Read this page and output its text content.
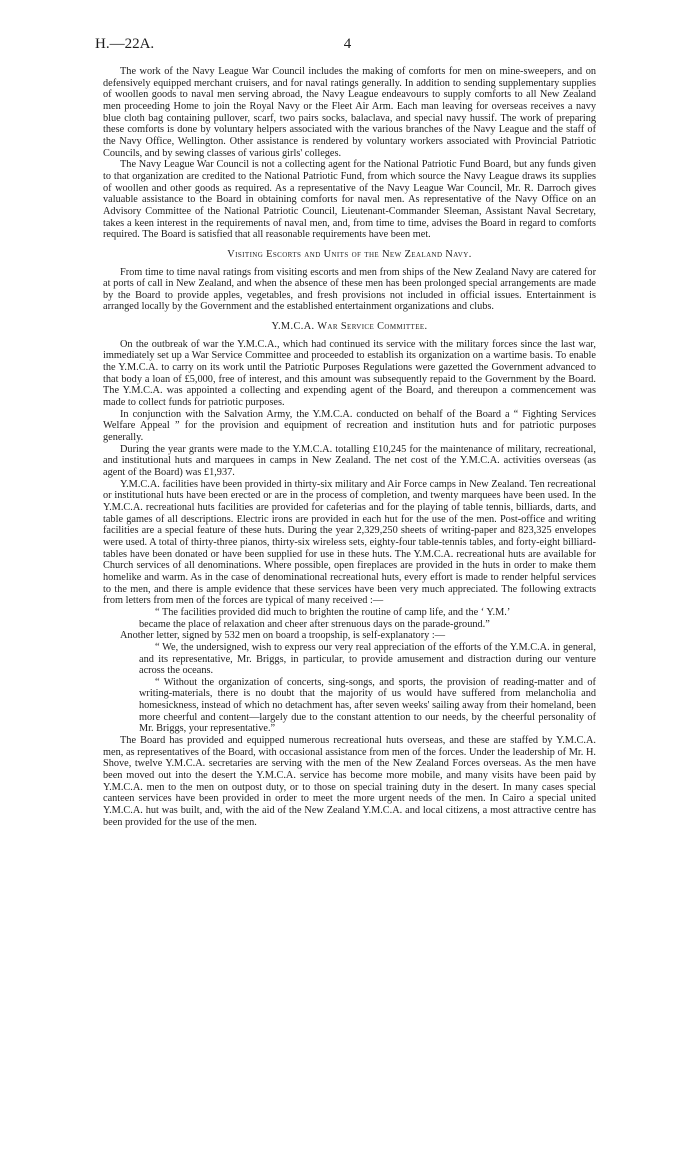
H.—22A.	4

The work of the Navy League War Council includes the making of comforts for men on mine-sweepers, and on defensively equipped merchant cruisers, and for naval ratings generally. In addition to sending supplementary supplies of woollen goods to naval men serving abroad, the Navy League endeavours to supply comforts to all New Zealand men proceeding Home to join the Royal Navy or the Fleet Air Arm. Each man leaving for overseas receives a navy blue cloth bag containing pullover, scarf, two pairs socks, balaclava, and special navy hussif. The work of preparing these comforts is done by voluntary helpers associated with the various branches of the Navy League and the staff of the Navy Office, Wellington. Other assistance is rendered by voluntary workers associated with Provincial Patriotic Councils, and by sewing classes of various girls' colleges.

The Navy League War Council is not a collecting agent for the National Patriotic Fund Board, but any funds given to that organization are credited to the National Patriotic Fund, from which source the Navy League draws its supplies of woollen and other goods as required. As a representative of the Navy League War Council, Mr. R. Darroch gives valuable assistance to the Board in obtaining comforts for naval men. As representative of the Navy Office on an Advisory Committee of the National Patriotic Council, Lieutenant-Commander Sleeman, Assistant Naval Secretary, takes a keen interest in the requirements of naval men, and, from time to time, advises the Board in regard to comforts required. The Board is satisfied that all reasonable requirements have been met.

Visiting Escorts and Units of the New Zealand Navy.

From time to time naval ratings from visiting escorts and men from ships of the New Zealand Navy are catered for at ports of call in New Zealand, and when the absence of these men has been prolonged special arrangements are made by the Board to provide apples, vegetables, and fresh provisions not included in official issues. Entertainment is arranged locally by the Government and the established entertainment organizations and clubs.

Y.M.C.A. War Service Committee.

On the outbreak of war the Y.M.C.A., which had continued its service with the military forces since the last war, immediately set up a War Service Committee and proceeded to establish its organization on a wartime basis. To enable the Y.M.C.A. to carry on its work until the Patriotic Purposes Regulations were gazetted the Government advanced to that body a loan of £5,000, free of interest, and this amount was subsequently repaid to the Government by the Board. The Y.M.C.A. was appointed a collecting and expending agent of the Board, and thereupon a commencement was made to collect funds for patriotic purposes.

In conjunction with the Salvation Army, the Y.M.C.A. conducted on behalf of the Board a “ Fighting Services Welfare Appeal ” for the provision and equipment of recreation and institution huts and for patriotic purposes generally.

During the year grants were made to the Y.M.C.A. totalling £10,245 for the maintenance of military, recreational, and institutional huts and marquees in camps in New Zealand. The net cost of the Y.M.C.A. activities overseas (as agent of the Board) was £1,937.

Y.M.C.A. facilities have been provided in thirty-six military and Air Force camps in New Zealand. Ten recreational or institutional huts have been erected or are in the process of completion, and twenty marquees have been used. In the Y.M.C.A. recreational huts facilities are provided for cafeterias and for the playing of table tennis, billiards, darts, and table games of all descriptions. Electric irons are provided in each hut for the use of the men. Post-office and writing facilities are a special feature of these huts. During the year 2,329,250 sheets of writing-paper and 823,325 envelopes were used. A total of thirty-three pianos, thirty-six wireless sets, eighty-four table-tennis tables, and forty-eight billiard-tables have been donated or have been supplied for use in these huts. The Y.M.C.A. recreational huts are available for Church services of all denominations. Where possible, open fireplaces are provided in the huts in order to make them homelike and warm. As in the case of denominational recreational huts, every effort is made to render helpful services to the men, and there is ample evidence that these services have been very much appreciated. The following extracts from letters from men of the forces are typical of many received :—

“ The facilities provided did much to brighten the routine of camp life, and the ‘ Y.M.’

became the place of relaxation and cheer after strenuous days on the parade-ground.”

Another letter, signed by 532 men on board a troopship, is self-explanatory :—

“ We, the undersigned, wish to express our very real appreciation of the efforts of the Y.M.C.A. in general, and its representative, Mr. Briggs, in particular, to provide amusement and distraction during our venture across the oceans.

“ Without the organization of concerts, sing-songs, and sports, the provision of reading-matter and of writing-materials, there is no doubt that the majority of us would have suffered from melancholia and homesickness, instead of which no detachment has, after seven weeks' sailing away from their homeland, been more cheerful and content—largely due to the constant attention to our needs, by the cheerful personality of Mr. Briggs, your representative.”

The Board has provided and equipped numerous recreational huts overseas, and these are staffed by Y.M.C.A. men, as representatives of the Board, with occasional assistance from men of the forces. Under the leadership of Mr. H. Shove, twelve Y.M.C.A. secretaries are serving with the men of the New Zealand Forces overseas. As the men have been moved out into the desert the Y.M.C.A. service has become more mobile, and many visits have been paid by Y.M.C.A. men to the men on outpost duty, or to those on special training duty in the desert. In many cases special canteen services have been provided in order to meet the more urgent needs of the men. In Cairo a special united Y.M.C.A. hut was built, and, with the aid of the New Zealand Y.M.C.A. and local citizens, a most attractive centre has been provided for the use of the men.
